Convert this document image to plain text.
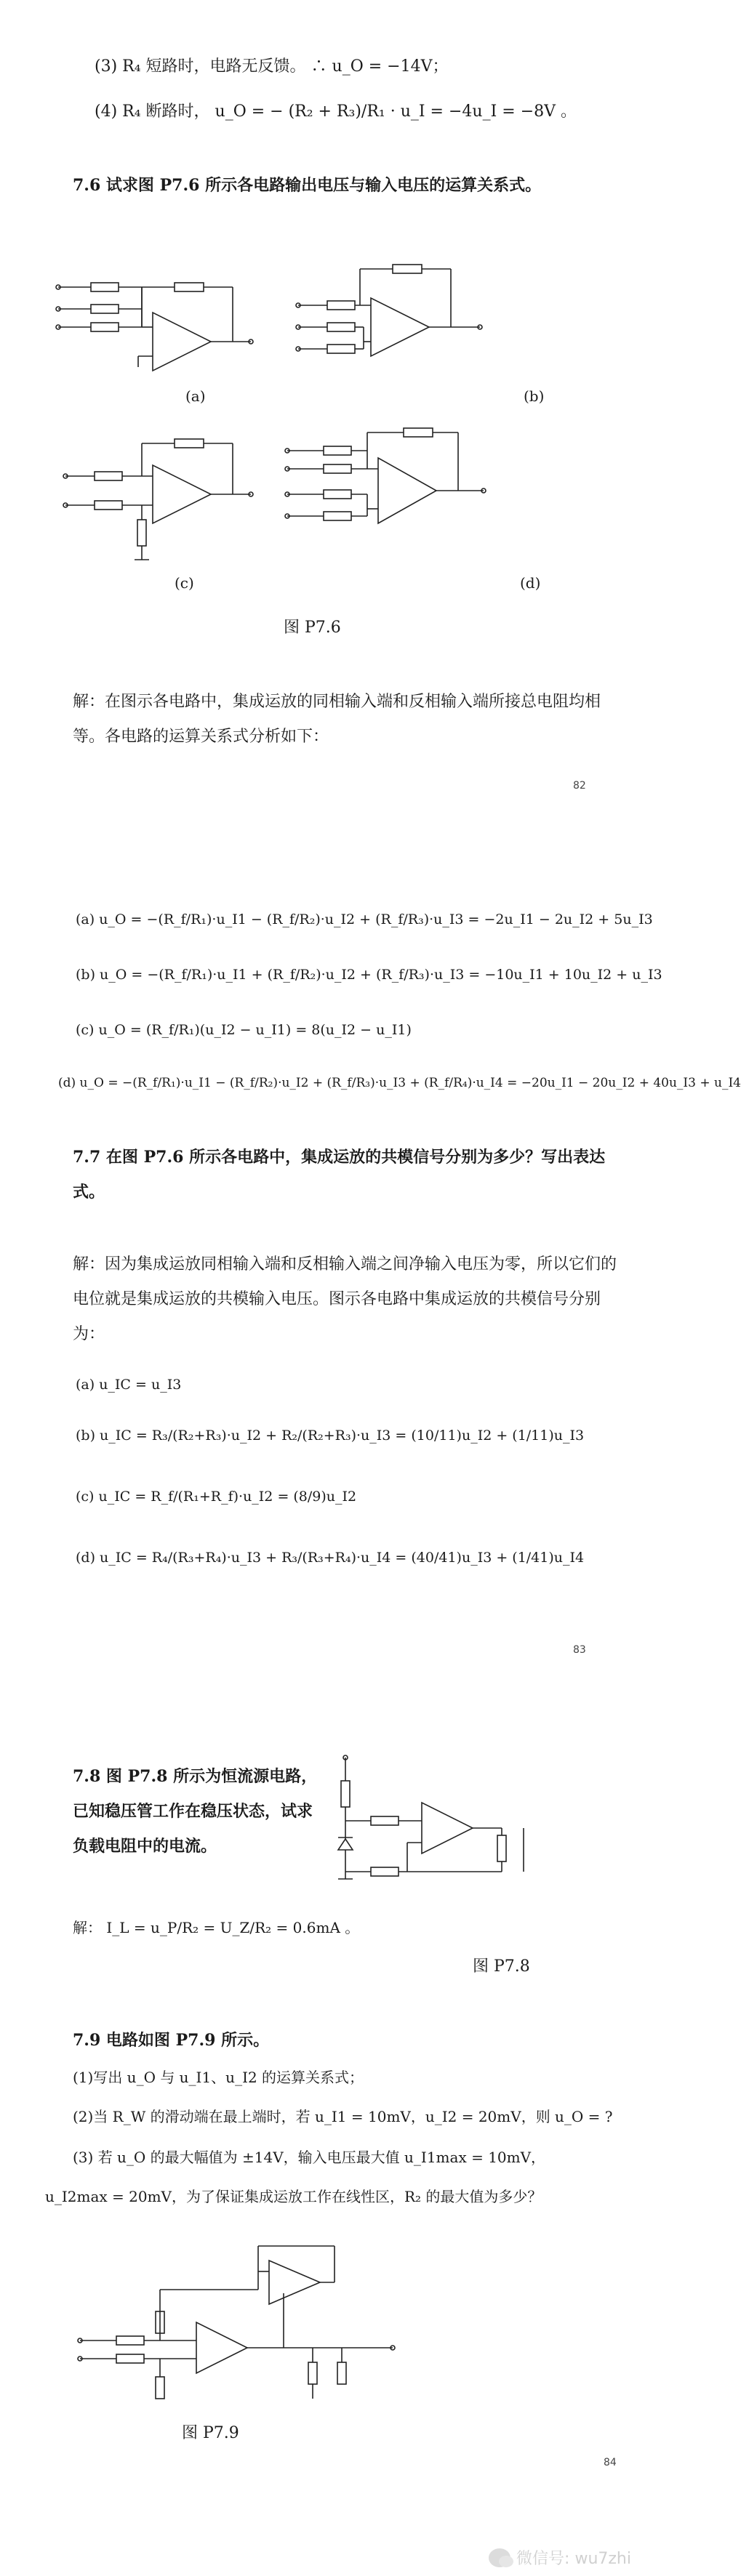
(3) R₄ 短路时，电路无反馈。 ∴ u_O = −14V；
(4) R₄ 断路时， u_O = − (R₂ + R₃)/R₁ · u_I = −4u_I = −8V 。
7.6 试求图 P7.6 所示各电路输出电压与输入电压的运算关系式。
(a)	(b)
(c)	(d)
图 P7.6
解：在图示各电路中，集成运放的同相输入端和反相输入端所接总电阻均相等。各电路的运算关系式分析如下：
82
(a) u_O = −(R_f/R₁)·u_I1 − (R_f/R₂)·u_I2 + (R_f/R₃)·u_I3 = −2u_I1 − 2u_I2 + 5u_I3
(b) u_O = −(R_f/R₁)·u_I1 + (R_f/R₂)·u_I2 + (R_f/R₃)·u_I3 = −10u_I1 + 10u_I2 + u_I3
(c) u_O = (R_f/R₁)(u_I2 − u_I1) = 8(u_I2 − u_I1)
(d) u_O = −(R_f/R₁)·u_I1 − (R_f/R₂)·u_I2 + (R_f/R₃)·u_I3 + (R_f/R₄)·u_I4 = −20u_I1 − 20u_I2 + 40u_I3 + u_I4
7.7 在图 P7.6 所示各电路中，集成运放的共模信号分别为多少？写出表达式。
解：因为集成运放同相输入端和反相输入端之间净输入电压为零，所以它们的电位就是集成运放的共模输入电压。图示各电路中集成运放的共模信号分别为：
(a) u_IC = u_I3
(b) u_IC = R₃/(R₂+R₃)·u_I2 + R₂/(R₂+R₃)·u_I3 = (10/11)u_I2 + (1/11)u_I3
(c) u_IC = R_f/(R₁+R_f)·u_I2 = (8/9)u_I2
(d) u_IC = R₄/(R₃+R₄)·u_I3 + R₃/(R₃+R₄)·u_I4 = (40/41)u_I3 + (1/41)u_I4
83
7.8 图 P7.8 所示为恒流源电路，已知稳压管工作在稳压状态，试求负载电阻中的电流。
解： I_L = u_P/R₂ = U_Z/R₂ = 0.6mA 。
图 P7.8
7.9 电路如图 P7.9 所示。
(1)写出 u_O 与 u_I1、u_I2 的运算关系式；
(2)当 R_W 的滑动端在最上端时，若 u_I1 = 10mV，u_I2 = 20mV，则 u_O = ?
(3) 若 u_O 的最大幅值为 ±14V，输入电压最大值 u_I1max = 10mV，
u_I2max = 20mV，为了保证集成运放工作在线性区，R₂ 的最大值为多少？
图 P7.9
84
微信号: wu7zhi
